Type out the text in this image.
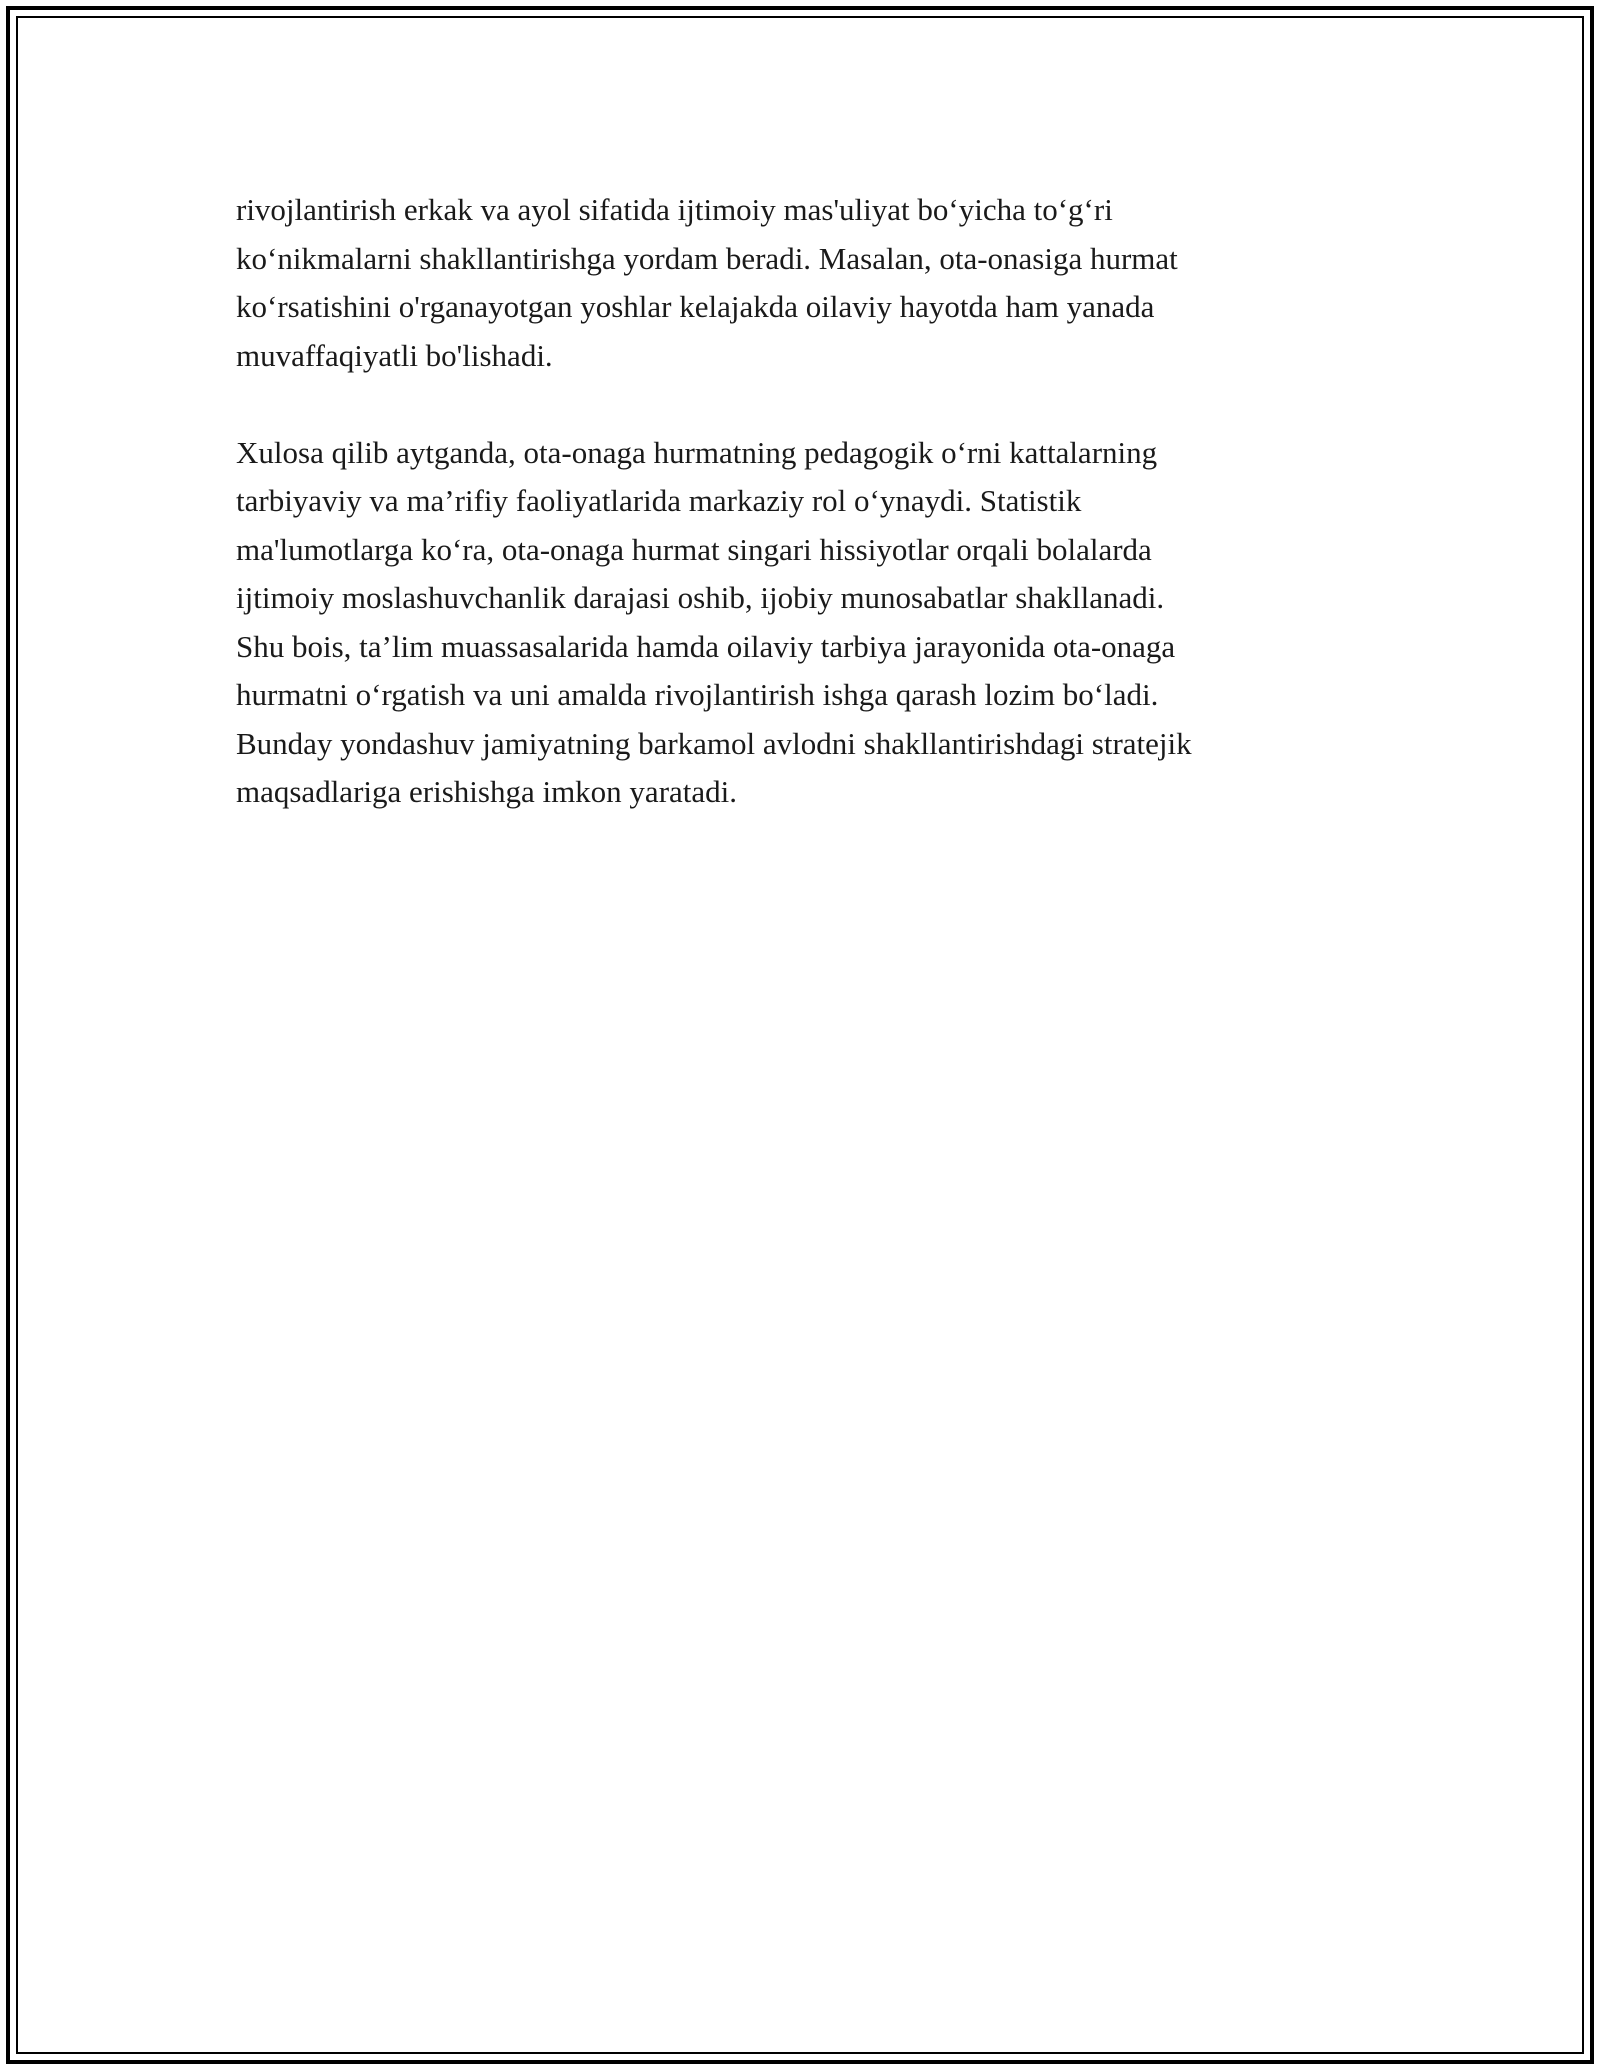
rivojlantirish erkak va ayol sifatida ijtimoiy mas'uliyat bo‘yicha to‘g‘ri
ko‘nikmalarni shakllantirishga yordam beradi. Masalan, ota-onasiga hurmat
ko‘rsatishini o'rganayotgan yoshlar kelajakda oilaviy hayotda ham yanada
muvaffaqiyatli bo'lishadi.
Xulosa qilib aytganda, ota-onaga hurmatning pedagogik o‘rni kattalarning
tarbiyaviy va ma’rifiy faoliyatlarida markaziy rol o‘ynaydi. Statistik
ma'lumotlarga ko‘ra, ota-onaga hurmat singari hissiyotlar orqali bolalarda
ijtimoiy moslashuvchanlik darajasi oshib, ijobiy munosabatlar shakllanadi.
Shu bois, ta’lim muassasalarida hamda oilaviy tarbiya jarayonida ota-onaga
hurmatni o‘rgatish va uni amalda rivojlantirish ishga qarash lozim bo‘ladi.
Bunday yondashuv jamiyatning barkamol avlodni shakllantirishdagi stratejik
maqsadlariga erishishga imkon yaratadi.
